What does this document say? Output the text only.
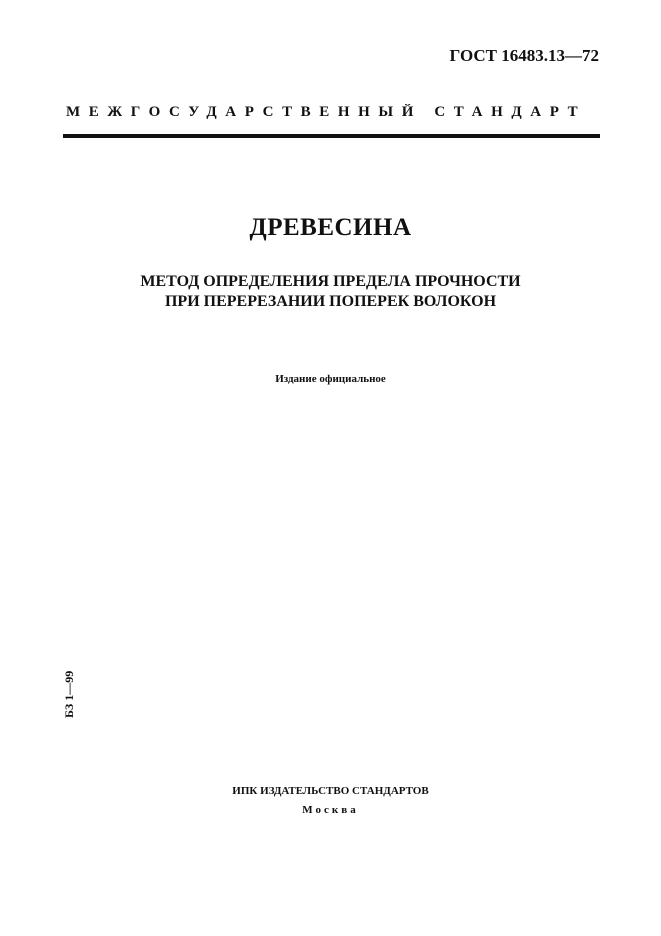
ГОСТ 16483.13—72
МЕЖГОСУДАРСТВЕННЫЙ СТАНДАРТ
ДРЕВЕСИНА
МЕТОД ОПРЕДЕЛЕНИЯ ПРЕДЕЛА ПРОЧНОСТИ
ПРИ ПЕРЕРЕЗАНИИ ПОПЕРЕК ВОЛОКОН
Издание официальное
БЗ 1—99
ИПК ИЗДАТЕЛЬСТВО СТАНДАРТОВ
Москва
